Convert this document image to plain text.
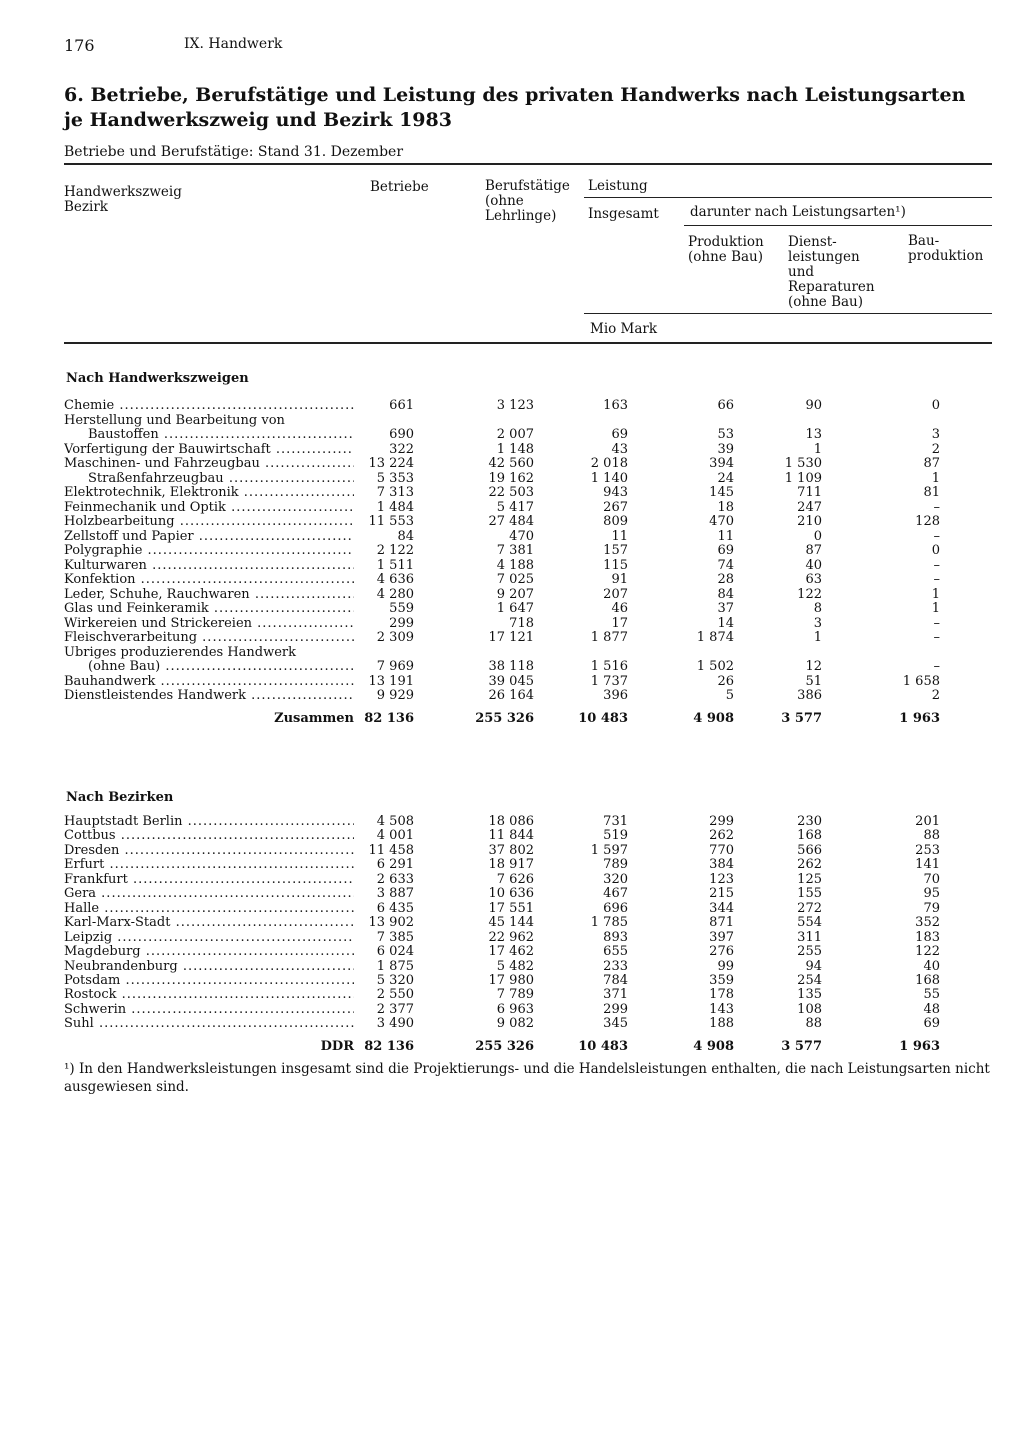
176	IX. Handwerk
6. Betriebe, Berufstätige und Leistung des privaten Handwerks nach Leistungsarten
je Handwerkszweig und Bezirk 1983
Betriebe und Berufstätige: Stand 31. Dezember
Handwerkszweig
Bezirk
Betriebe	Berufstätige
(ohne
Lehrlinge)
Leistung
Insgesamt darunter nach Leistungsarten¹)
Produktion
(ohne Bau)
Dienst-
leistungen
und
Reparaturen
(ohne Bau)
Bau-
produktion
Mio Mark
Nach Handwerkszweigen
Chemie .....	661	3 123	163	66	90	0
Herstellung und Bearbeitung von
Baustoffen .....	690	2 007	69	53	13	3
Vorfertigung der Bauwirtschaft .....	322	1 148	43	39	1	2
Maschinen- und Fahrzeugbau .....	13 224	42 560	2 018	394	1 530	87
Straßenfahrzeugbau .....	5 353	19 162	1 140	24	1 109	1
Elektrotechnik, Elektronik .....	7 313	22 503	943	145	711	81
Feinmechanik und Optik .....	1 484	5 417	267	18	247	–
Holzbearbeitung .....	11 553	27 484	809	470	210	128
Zellstoff und Papier .....	84	470	11	11	0	–
Polygraphie .....	2 122	7 381	157	69	87	0
Kulturwaren .....	1 511	4 188	115	74	40	–
Konfektion .....	4 636	7 025	91	28	63	–
Leder, Schuhe, Rauchwaren .....	4 280	9 207	207	84	122	1
Glas und Feinkeramik .....	559	1 647	46	37	8	1
Wirkereien und Strickereien .....	299	718	17	14	3	–
Fleischverarbeitung .....	2 309	17 121	1 877	1 874	1	–
Übriges produzierendes Handwerk
(ohne Bau) .....	7 969	38 118	1 516	1 502	12	–
Bauhandwerk .....	13 191	39 045	1 737	26	51	1 658
Dienstleistendes Handwerk .....	9 929	26 164	396	5	386	2
Zusammen 82 136	255 326	10 483	4 908	3 577	1 963
Nach Bezirken
Hauptstadt Berlin .....	4 508	18 086	731	299	230	201
Cottbus .....	4 001	11 844	519	262	168	88
Dresden .....	11 458	37 802	1 597	770	566	253
Erfurt .....	6 291	18 917	789	384	262	141
Frankfurt .....	2 633	7 626	320	123	125	70
Gera .....	3 887	10 636	467	215	155	95
Halle .....	6 435	17 551	696	344	272	79
Karl-Marx-Stadt .....	13 902	45 144	1 785	871	554	352
Leipzig .....	7 385	22 962	893	397	311	183
Magdeburg .....	6 024	17 462	655	276	255	122
Neubrandenburg .....	1 875	5 482	233	99	94	40
Potsdam .....	5 320	17 980	784	359	254	168
Rostock .....	2 550	7 789	371	178	135	55
Schwerin .....	2 377	6 963	299	143	108	48
Suhl .....	3 490	9 082	345	188	88	69
DDR 82 136	255 326	10 483	4 908	3 577	1 963
¹) In den Handwerksleistungen insgesamt sind die Projektierungs- und die Handelsleistungen enthalten, die nach Leistungsarten nicht ausgewiesen sind.
